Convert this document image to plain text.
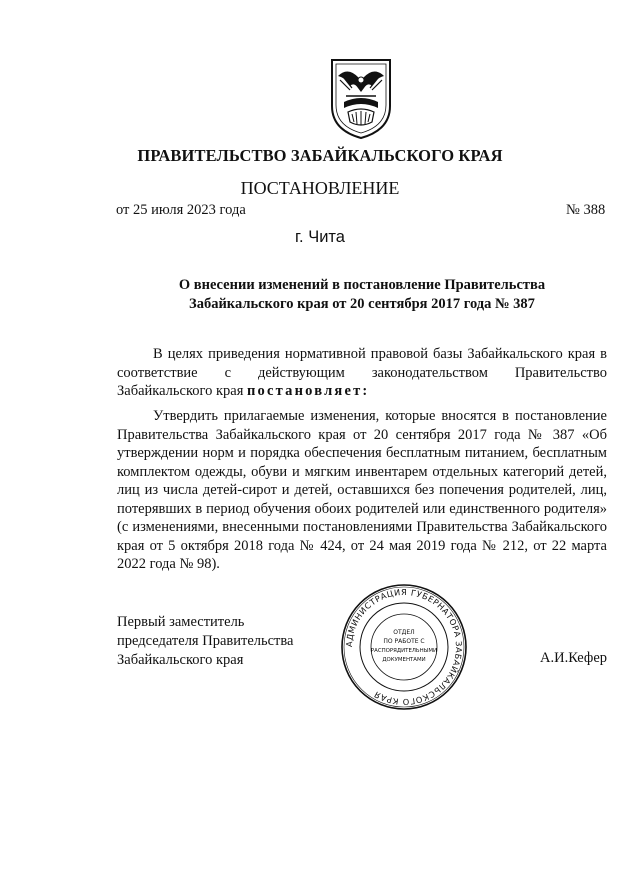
ПРАВИТЕЛЬСТВО ЗАБАЙКАЛЬСКОГО КРАЯ
ПОСТАНОВЛЕНИЕ
от 25 июля 2023 года	№ 388
г. Чита
О внесении изменений в постановление Правительства
Забайкальского края от 20 сентября 2017 года № 387
В целях приведения нормативной правовой базы Забайкальского края в соответствие с действующим законодательством Правительство Забайкальского края постановляет:
Утвердить прилагаемые изменения, которые вносятся в постановление Правительства Забайкальского края от 20 сентября 2017 года № 387 «Об утверждении норм и порядка обеспечения бесплатным питанием, бесплатным комплектом одежды, обуви и мягким инвентарем отдельных категорий детей, лиц из числа детей-сирот и детей, оставшихся без попечения родителей, лиц, потерявших в период обучения обоих родителей или единственного родителя» (с изменениями, внесенными постановлениями Правительства Забайкальского края от 5 октября 2018 года № 424, от 24 мая 2019 года № 212, от 22 марта 2022 года № 98).
Первый заместитель
председателя Правительства
Забайкальского края	А.И.Кефер
АДМИНИСТРАЦИЯ ГУБЕРНАТОРА ЗАБАЙКАЛЬСКОГО КРАЯ
ОТДЕЛ
ПО РАБОТЕ С
РАСПОРЯДИТЕЛЬНЫМИ
ДОКУМЕНТАМИ
